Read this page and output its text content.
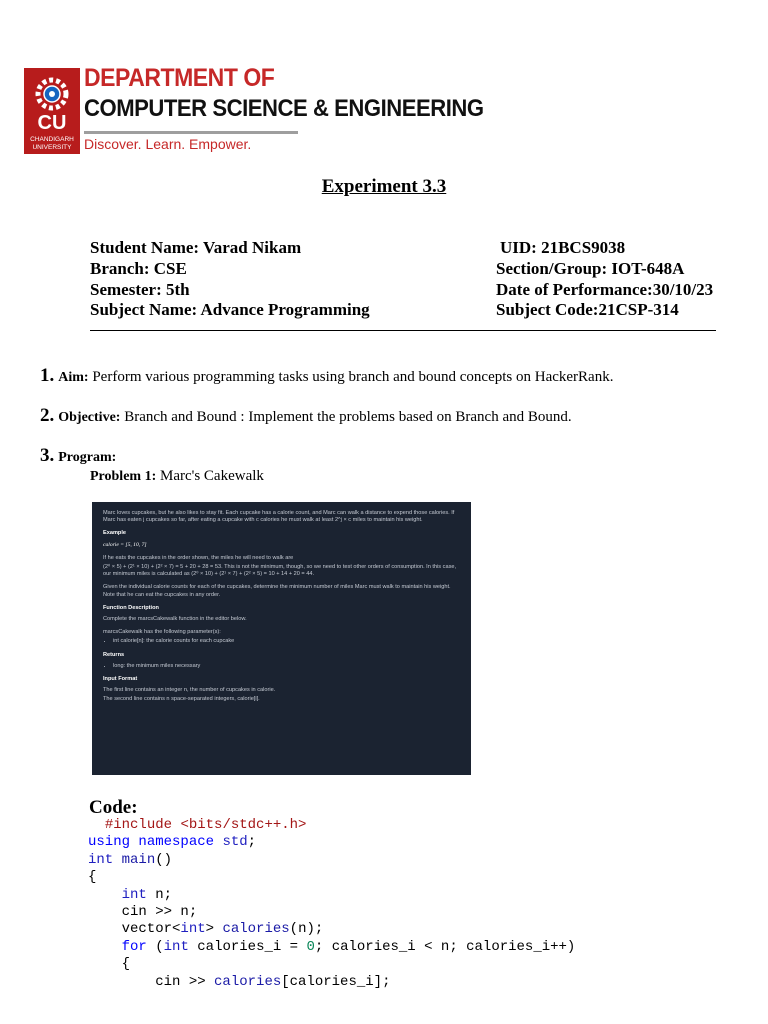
CU
CHANDIGARH UNIVERSITY
DEPARTMENT OF
COMPUTER SCIENCE & ENGINEERING
Discover. Learn. Empower.
Experiment 3.3
Student Name: Varad Nikam	UID: 21BCS9038
Branch: CSE	Section/Group: IOT-648A
Semester: 5th	Date of Performance:30/10/23
Subject Name: Advance Programming	Subject Code:21CSP-314
1. Aim: Perform various programming tasks using branch and bound concepts on HackerRank.
2. Objective: Branch and Bound : Implement the problems based on Branch and Bound.
3. Program:
Problem 1: Marc's Cakewalk

Marc loves cupcakes, but he also likes to stay fit. Each cupcake has a calorie count, and Marc can walk a distance to expend those calories. If Marc has eaten j cupcakes so far, after eating a cupcake with c calories he must walk at least 2^j × c miles to maintain his weight.

Example

calorie = [5, 10, 7]

If he eats the cupcakes in the order shown, the miles he will need to walk are

(2⁰ × 5) + (2¹ × 10) + (2² × 7) = 5 + 20 + 28 = 53. This is not the minimum, though, so we need to test other orders of consumption. In this case, our minimum miles is calculated as (2⁰ × 10) + (2¹ × 7) + (2² × 5) = 10 + 14 + 20 = 44.

Given the individual calorie counts for each of the cupcakes, determine the minimum number of miles Marc must walk to maintain his weight. Note that he can eat the cupcakes in any order.

Function Description

Complete the marcsCakewalk function in the editor below.

marcsCakewalk has the following parameter(s):

• int calorie[n]: the calorie counts for each cupcake

Returns

• long: the minimum miles necessary

Input Format

The first line contains an integer n, the number of cupcakes in calorie.

The second line contains n space-separated integers, calorie[i].

Code:
#include <bits/stdc++.h>
using namespace std;
int main()
{
int n;
cin >> n;
vector<int> calories(n);
for (int calories_i = 0; calories_i < n; calories_i++)
{
cin >> calories[calories_i];
